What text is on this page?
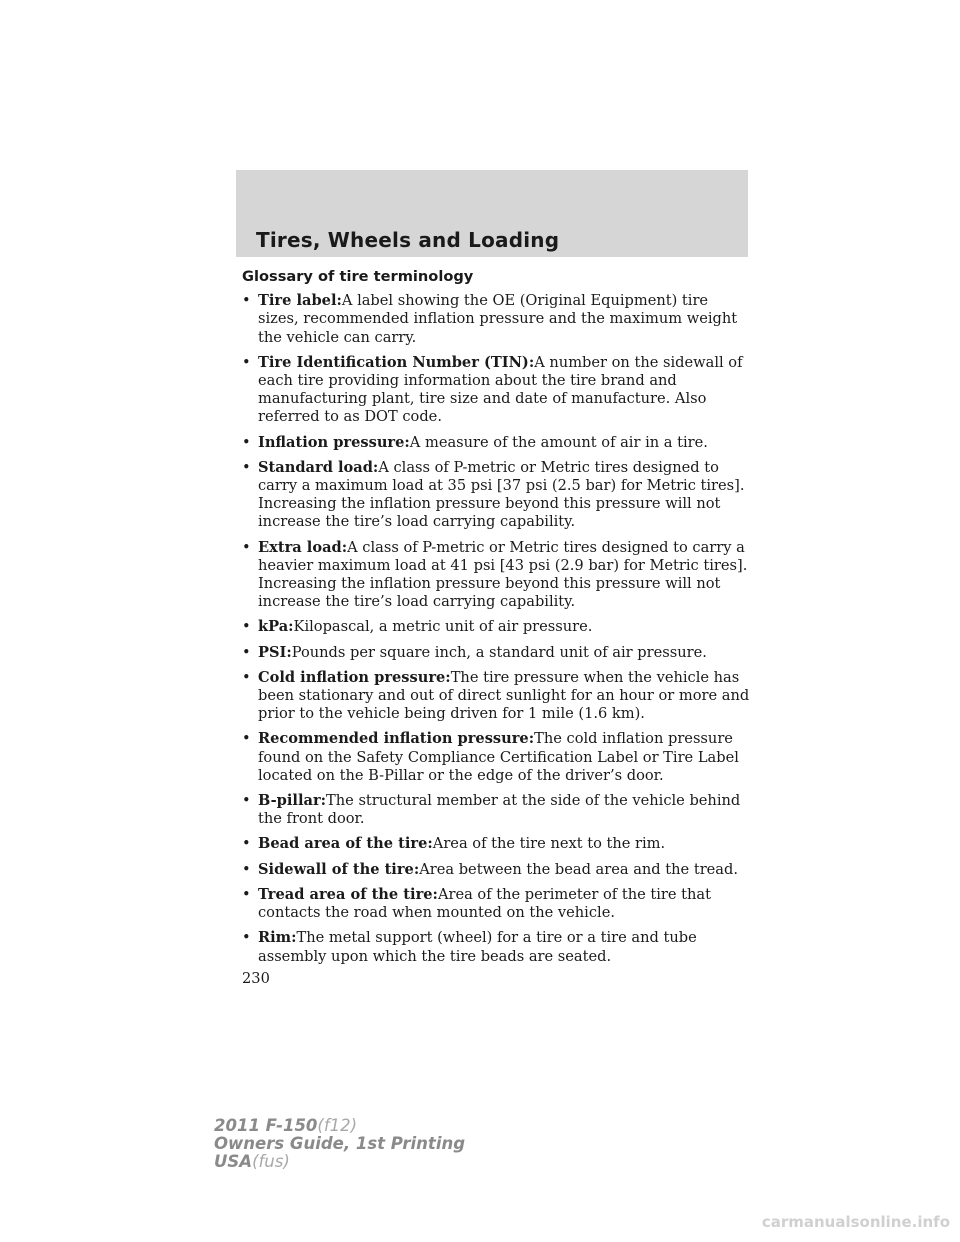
Tires, Wheels and Loading
Glossary of tire terminology
• Tire label:A label showing the OE (Original Equipment) tire sizes, recommended inflation pressure and the maximum weight the vehicle can carry.
• Tire Identification Number (TIN):A number on the sidewall of each tire providing information about the tire brand and manufacturing plant, tire size and date of manufacture. Also referred to as DOT code.
• Inflation pressure:A measure of the amount of air in a tire.
• Standard load:A class of P-metric or Metric tires designed to carry a maximum load at 35 psi [37 psi (2.5 bar) for Metric tires]. Increasing the inflation pressure beyond this pressure will not increase the tire’s load carrying capability.
• Extra load:A class of P-metric or Metric tires designed to carry a heavier maximum load at 41 psi [43 psi (2.9 bar) for Metric tires]. Increasing the inflation pressure beyond this pressure will not increase the tire’s load carrying capability.
• kPa:Kilopascal, a metric unit of air pressure.
• PSI:Pounds per square inch, a standard unit of air pressure.
• Cold inflation pressure:The tire pressure when the vehicle has been stationary and out of direct sunlight for an hour or more and prior to the vehicle being driven for 1 mile (1.6 km).
• Recommended inflation pressure:The cold inflation pressure found on the Safety Compliance Certification Label or Tire Label located on the B-Pillar or the edge of the driver’s door.
• B-pillar:The structural member at the side of the vehicle behind the front door.
• Bead area of the tire:Area of the tire next to the rim.
• Sidewall of the tire:Area between the bead area and the tread.
• Tread area of the tire:Area of the perimeter of the tire that contacts the road when mounted on the vehicle.
• Rim:The metal support (wheel) for a tire or a tire and tube assembly upon which the tire beads are seated.
230
2011 F-150(f12)
Owners Guide, 1st Printing
USA(fus)
carmanualsonline.info
